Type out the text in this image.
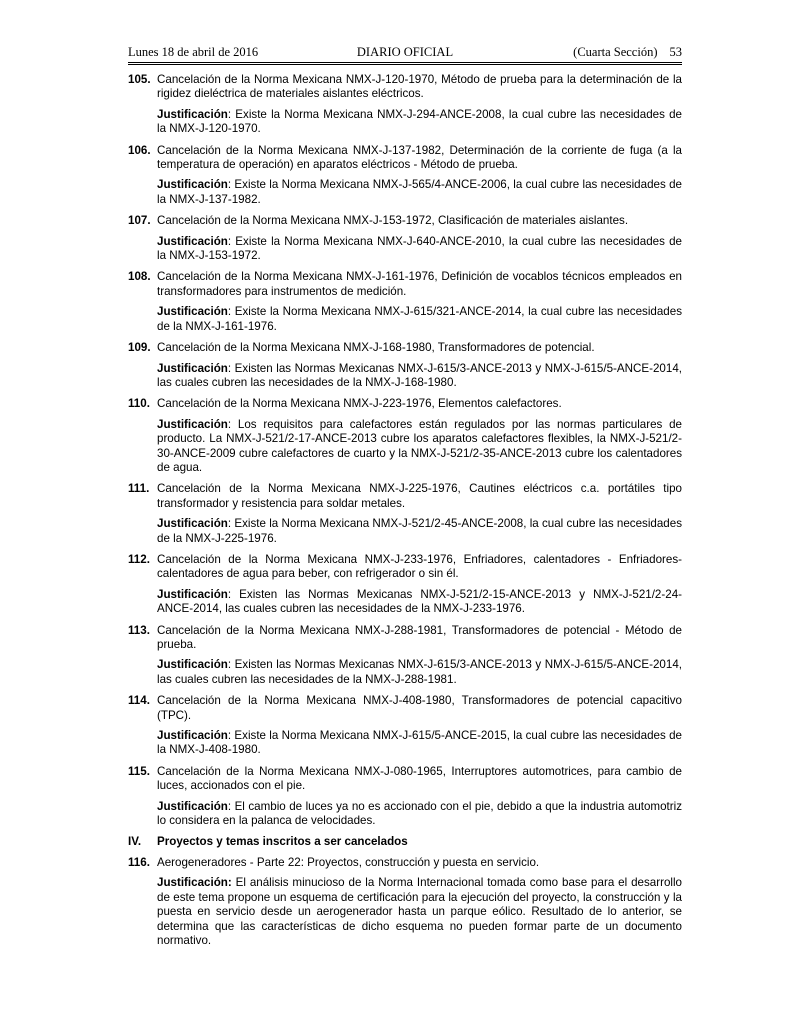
Lunes 18 de abril de 2016	DIARIO OFICIAL	(Cuarta Sección) 53
105. Cancelación de la Norma Mexicana NMX-J-120-1970, Método de prueba para la determinación de la rigidez dieléctrica de materiales aislantes eléctricos.
Justificación: Existe la Norma Mexicana NMX-J-294-ANCE-2008, la cual cubre las necesidades de la NMX-J-120-1970.
106. Cancelación de la Norma Mexicana NMX-J-137-1982, Determinación de la corriente de fuga (a la temperatura de operación) en aparatos eléctricos - Método de prueba.
Justificación: Existe la Norma Mexicana NMX-J-565/4-ANCE-2006, la cual cubre las necesidades de la NMX-J-137-1982.
107. Cancelación de la Norma Mexicana NMX-J-153-1972, Clasificación de materiales aislantes.
Justificación: Existe la Norma Mexicana NMX-J-640-ANCE-2010, la cual cubre las necesidades de la NMX-J-153-1972.
108. Cancelación de la Norma Mexicana NMX-J-161-1976, Definición de vocablos técnicos empleados en transformadores para instrumentos de medición.
Justificación: Existe la Norma Mexicana NMX-J-615/321-ANCE-2014, la cual cubre las necesidades de la NMX-J-161-1976.
109. Cancelación de la Norma Mexicana NMX-J-168-1980, Transformadores de potencial.
Justificación: Existen las Normas Mexicanas NMX-J-615/3-ANCE-2013 y NMX-J-615/5-ANCE-2014, las cuales cubren las necesidades de la NMX-J-168-1980.
110. Cancelación de la Norma Mexicana NMX-J-223-1976, Elementos calefactores.
Justificación: Los requisitos para calefactores están regulados por las normas particulares de producto. La NMX-J-521/2-17-ANCE-2013 cubre los aparatos calefactores flexibles, la NMX-J-521/2-30-ANCE-2009 cubre calefactores de cuarto y la NMX-J-521/2-35-ANCE-2013 cubre los calentadores de agua.
111. Cancelación de la Norma Mexicana NMX-J-225-1976, Cautines eléctricos c.a. portátiles tipo transformador y resistencia para soldar metales.
Justificación: Existe la Norma Mexicana NMX-J-521/2-45-ANCE-2008, la cual cubre las necesidades de la NMX-J-225-1976.
112. Cancelación de la Norma Mexicana NMX-J-233-1976, Enfriadores, calentadores - Enfriadores-calentadores de agua para beber, con refrigerador o sin él.
Justificación: Existen las Normas Mexicanas NMX-J-521/2-15-ANCE-2013 y NMX-J-521/2-24-ANCE-2014, las cuales cubren las necesidades de la NMX-J-233-1976.
113. Cancelación de la Norma Mexicana NMX-J-288-1981, Transformadores de potencial - Método de prueba.
Justificación: Existen las Normas Mexicanas NMX-J-615/3-ANCE-2013 y NMX-J-615/5-ANCE-2014, las cuales cubren las necesidades de la NMX-J-288-1981.
114. Cancelación de la Norma Mexicana NMX-J-408-1980, Transformadores de potencial capacitivo (TPC).
Justificación: Existe la Norma Mexicana NMX-J-615/5-ANCE-2015, la cual cubre las necesidades de la NMX-J-408-1980.
115. Cancelación de la Norma Mexicana NMX-J-080-1965, Interruptores automotrices, para cambio de luces, accionados con el pie.
Justificación: El cambio de luces ya no es accionado con el pie, debido a que la industria automotriz lo considera en la palanca de velocidades.
IV. Proyectos y temas inscritos a ser cancelados
116. Aerogeneradores - Parte 22: Proyectos, construcción y puesta en servicio.
Justificación: El análisis minucioso de la Norma Internacional tomada como base para el desarrollo de este tema propone un esquema de certificación para la ejecución del proyecto, la construcción y la puesta en servicio desde un aerogenerador hasta un parque eólico. Resultado de lo anterior, se determina que las características de dicho esquema no pueden formar parte de un documento normativo.
